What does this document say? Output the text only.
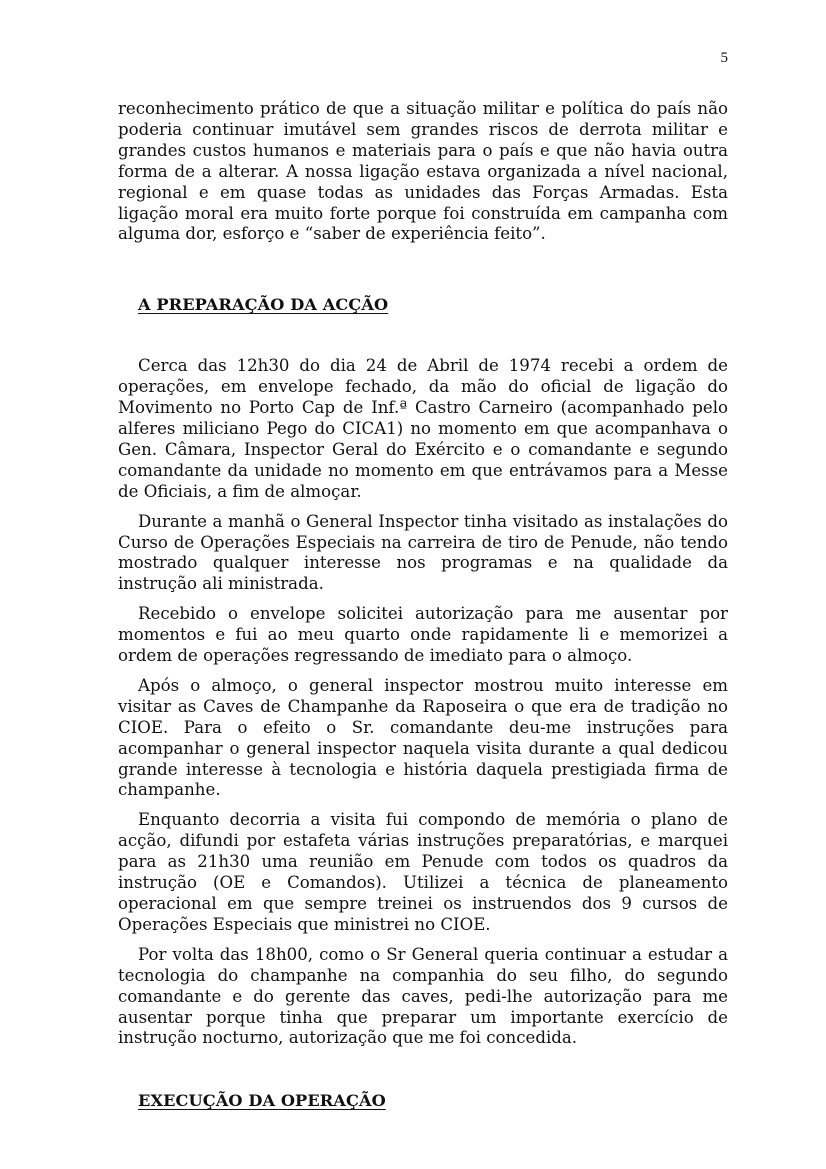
5

reconhecimento prático de que a situação militar e política do país não poderia continuar imutável sem grandes riscos de derrota militar e grandes custos humanos e materiais para o país e que não havia outra forma de a alterar. A nossa ligação estava organizada a nível nacional, regional e em quase todas as unidades das Forças Armadas. Esta ligação moral era muito forte porque foi construída em campanha com alguma dor, esforço e “saber de experiência feito”.

A PREPARAÇÃO DA ACÇÃO

Cerca das 12h30 do dia 24 de Abril de 1974 recebi a ordem de operações, em envelope fechado, da mão do oficial de ligação do Movimento no Porto Cap de Inf.ª Castro Carneiro (acompanhado pelo alferes miliciano Pego do CICA1) no momento em que acompanhava o Gen. Câmara, Inspector Geral do Exército e o comandante e segundo comandante da unidade no momento em que entrávamos para a Messe de Oficiais, a fim de almoçar.

Durante a manhã o General Inspector tinha visitado as instalações do Curso de Operações Especiais na carreira de tiro de Penude, não tendo mostrado qualquer interesse nos programas e na qualidade da instrução ali ministrada.

Recebido o envelope solicitei autorização para me ausentar por momentos e fui ao meu quarto onde rapidamente li e memorizei a ordem de operações regressando de imediato para o almoço.

Após o almoço, o general inspector mostrou muito interesse em visitar as Caves de Champanhe da Raposeira o que era de tradição no CIOE. Para o efeito o Sr. comandante deu-me instruções para acompanhar o general inspector naquela visita durante a qual dedicou grande interesse à tecnologia e história daquela prestigiada firma de champanhe.

Enquanto decorria a visita fui compondo de memória o plano de acção, difundi por estafeta várias instruções preparatórias, e marquei para as 21h30 uma reunião em Penude com todos os quadros da instrução (OE e Comandos). Utilizei a técnica de planeamento operacional em que sempre treinei os instruendos dos 9 cursos de Operações Especiais que ministrei no CIOE.

Por volta das 18h00, como o Sr General queria continuar a estudar a tecnologia do champanhe na companhia do seu filho, do segundo comandante e do gerente das caves, pedi-lhe autorização para me ausentar porque tinha que preparar um importante exercício de instrução nocturno, autorização que me foi concedida.

EXECUÇÃO DA OPERAÇÃO
